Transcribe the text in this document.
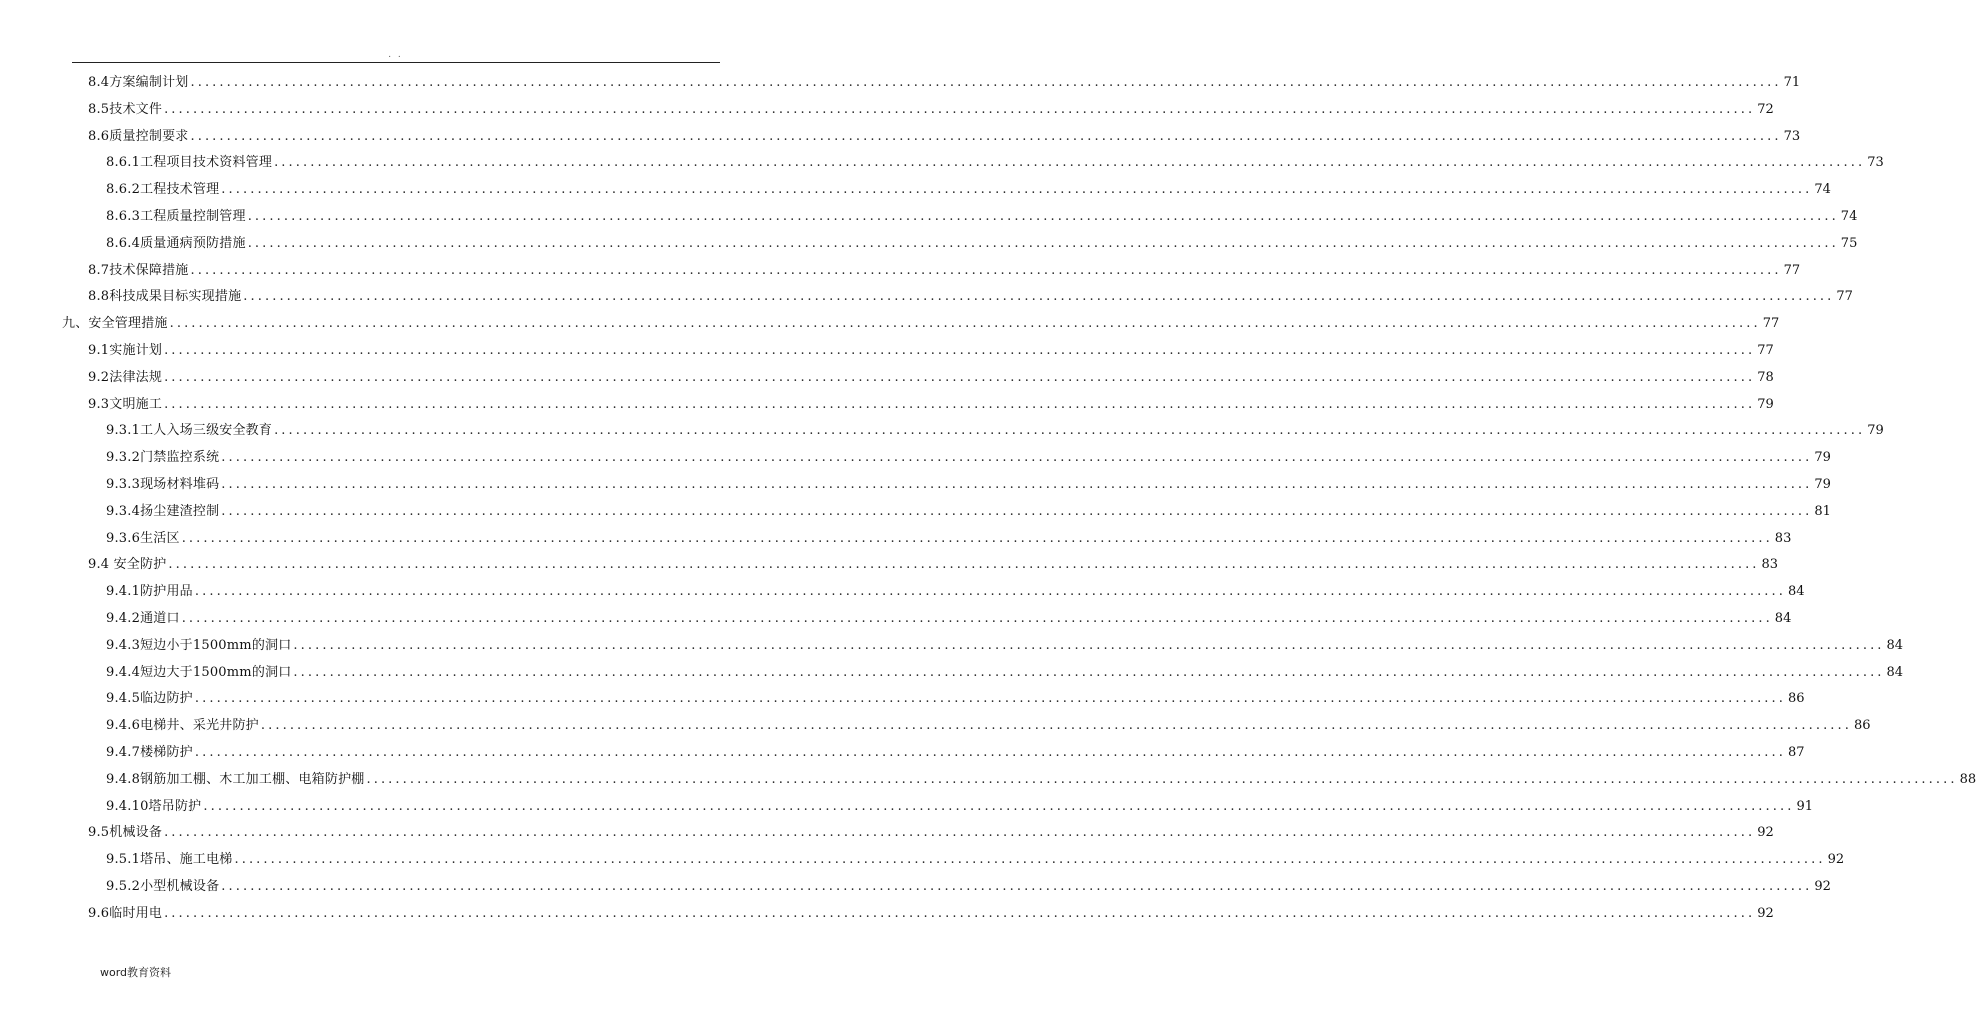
. .
8.4方案编制计划 ............................................................................................................................................................................................................................ 71
8.5技术文件 ............................................................................................................................................................................................................................ 72
8.6质量控制要求 ............................................................................................................................................................................................................................ 73
8.6.1工程项目技术资料管理 ............................................................................................................................................................................................................................ 73
8.6.2工程技术管理 ............................................................................................................................................................................................................................ 74
8.6.3工程质量控制管理 ............................................................................................................................................................................................................................ 74
8.6.4质量通病预防措施 ............................................................................................................................................................................................................................ 75
8.7技术保障措施 ............................................................................................................................................................................................................................ 77
8.8科技成果目标实现措施 ............................................................................................................................................................................................................................ 77
九、安全管理措施 ............................................................................................................................................................................................................................ 77
9.1实施计划 ............................................................................................................................................................................................................................ 77
9.2法律法规 ............................................................................................................................................................................................................................ 78
9.3文明施工 ............................................................................................................................................................................................................................ 79
9.3.1工人入场三级安全教育 ............................................................................................................................................................................................................................ 79
9.3.2门禁监控系统 ............................................................................................................................................................................................................................ 79
9.3.3现场材料堆码 ............................................................................................................................................................................................................................ 79
9.3.4扬尘建渣控制 ............................................................................................................................................................................................................................ 81
9.3.6生活区 ............................................................................................................................................................................................................................ 83
9.4 安全防护 ............................................................................................................................................................................................................................ 83
9.4.1防护用品 ............................................................................................................................................................................................................................ 84
9.4.2通道口 ............................................................................................................................................................................................................................ 84
9.4.3短边小于1500mm的洞口 ............................................................................................................................................................................................................................ 84
9.4.4短边大于1500mm的洞口 ............................................................................................................................................................................................................................ 84
9.4.5临边防护 ............................................................................................................................................................................................................................ 86
9.4.6电梯井、采光井防护 ............................................................................................................................................................................................................................ 86
9.4.7楼梯防护 ............................................................................................................................................................................................................................ 87
9.4.8钢筋加工棚、木工加工棚、电箱防护棚 ............................................................................................................................................................................................................................ 88
9.4.10塔吊防护 ............................................................................................................................................................................................................................ 91
9.5机械设备 ............................................................................................................................................................................................................................ 92
9.5.1塔吊、施工电梯 ............................................................................................................................................................................................................................ 92
9.5.2小型机械设备 ............................................................................................................................................................................................................................ 92
9.6临时用电 ............................................................................................................................................................................................................................ 92
word教育资料
